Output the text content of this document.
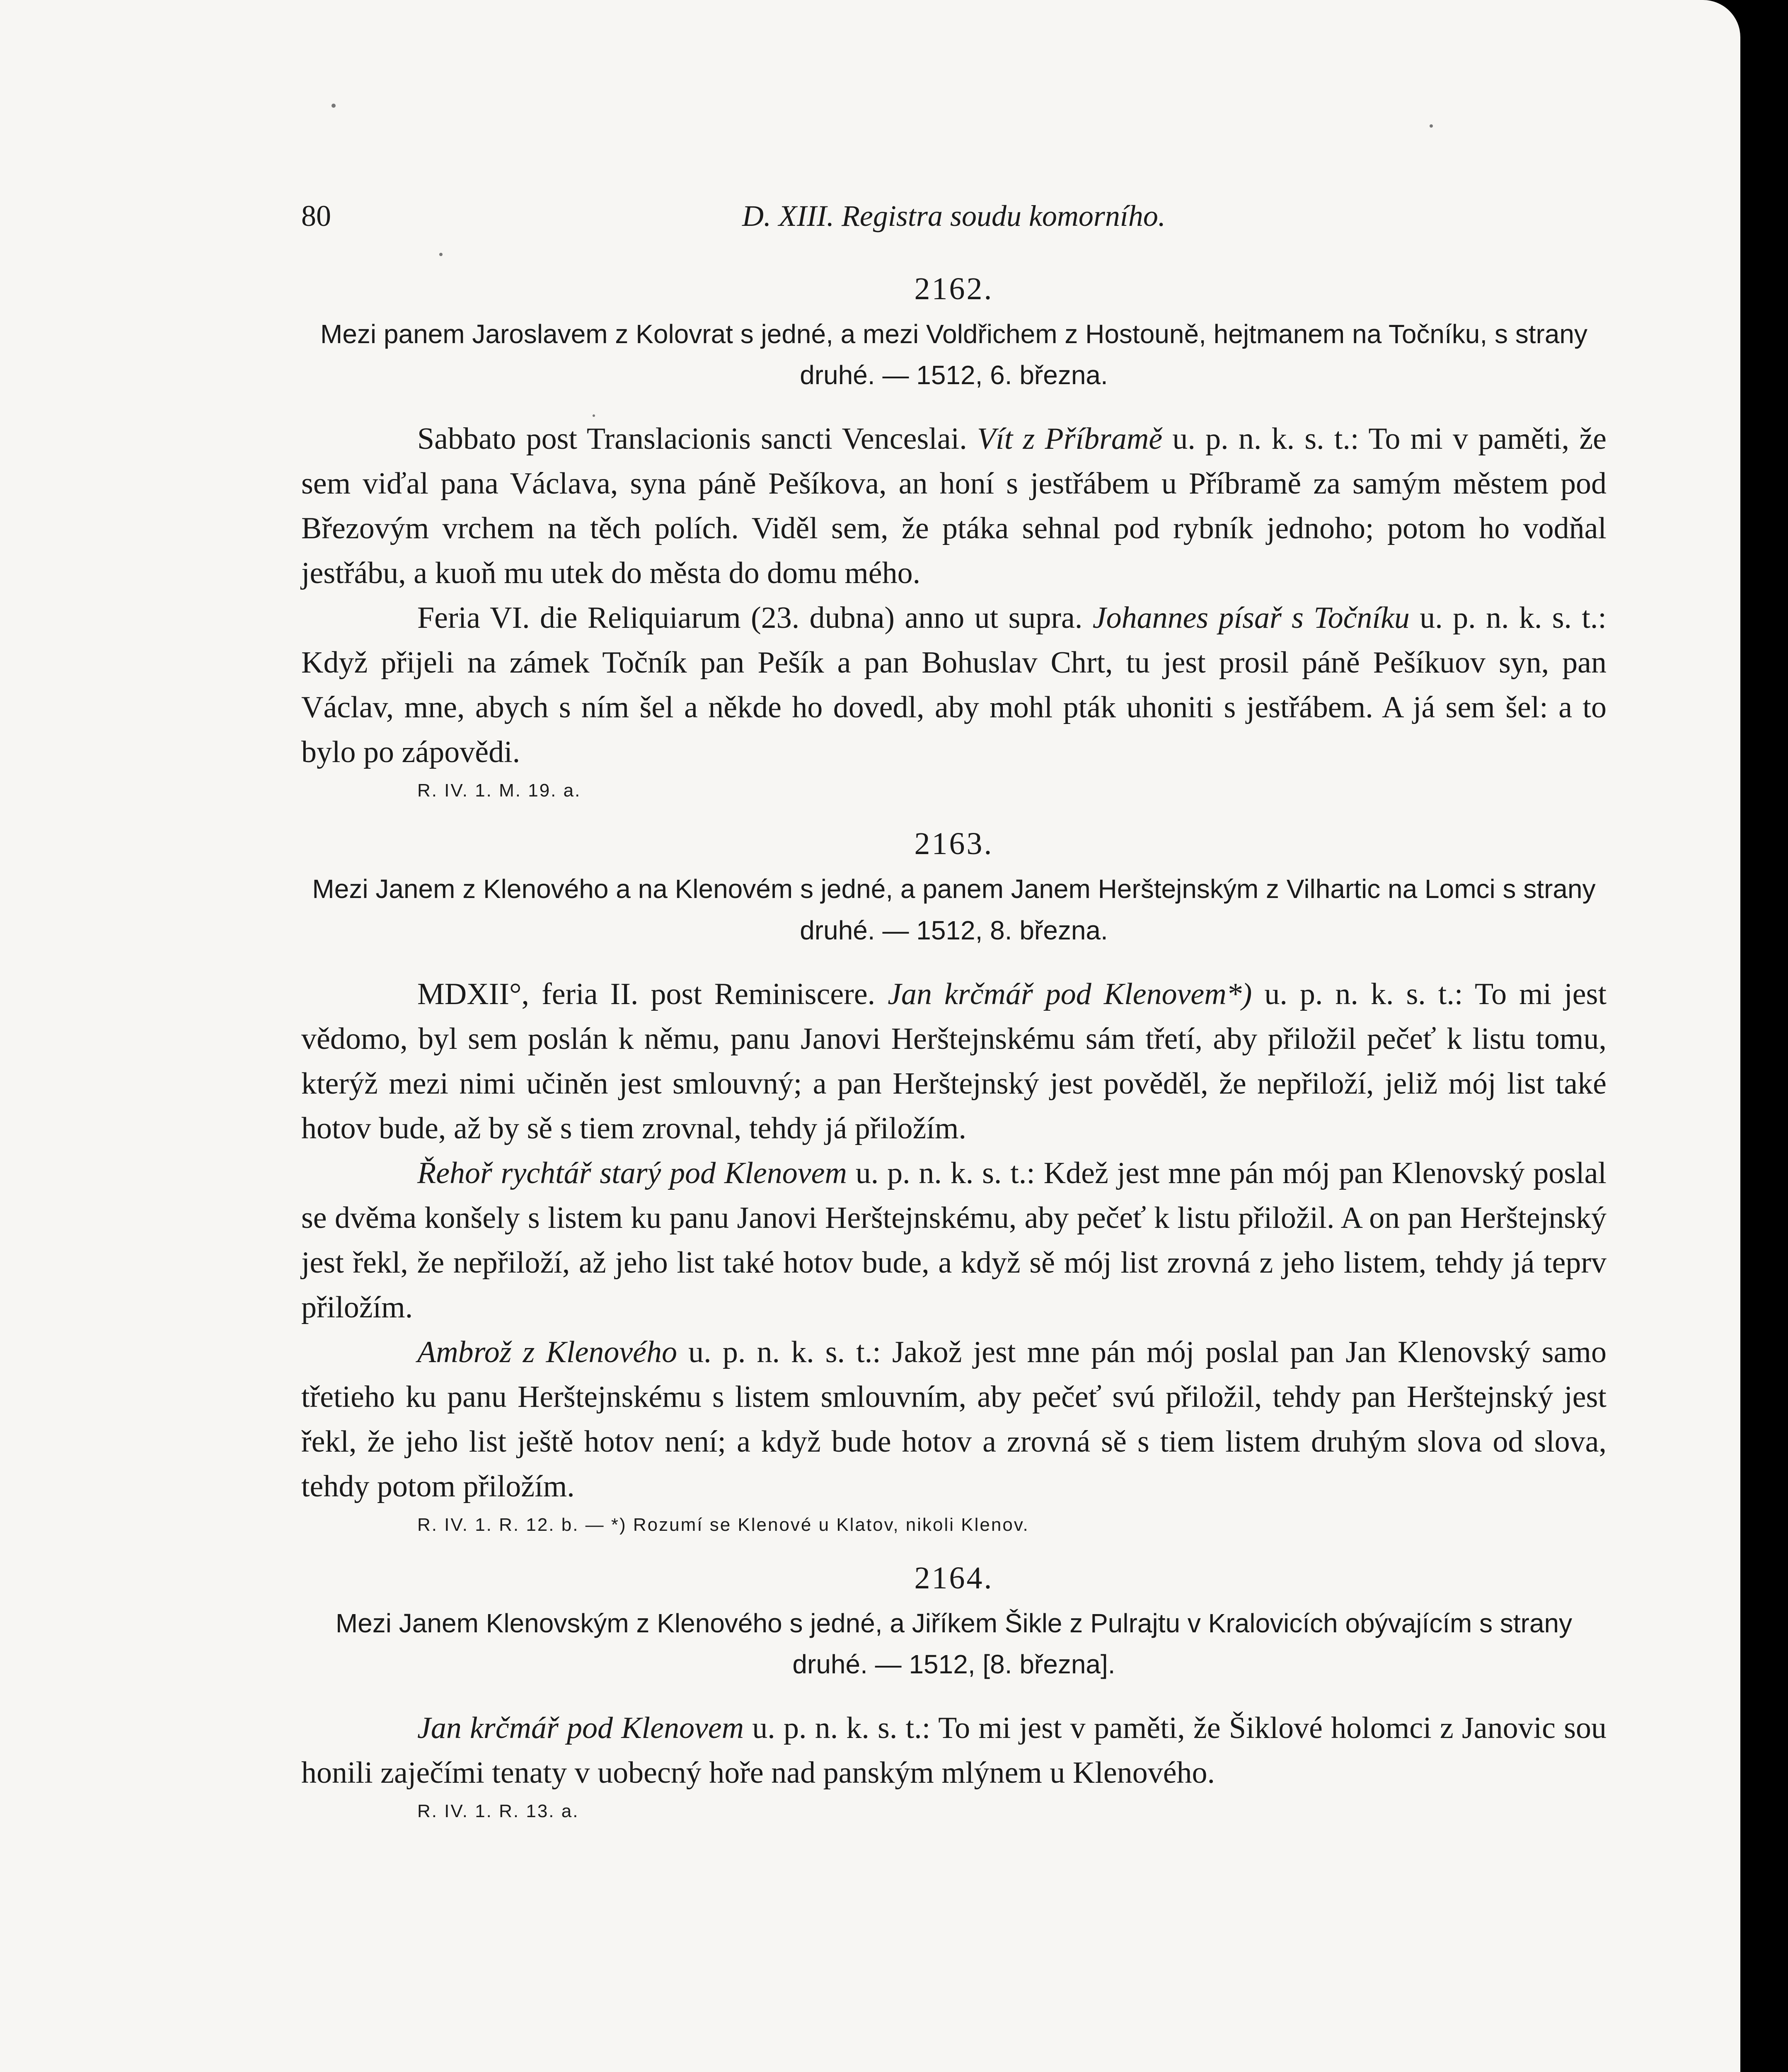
80	D. XIII. Registra soudu komorního.
2162.
Mezi panem Jaroslavem z Kolovrat s jedné, a mezi Voldřichem z Hostouně, hejtmanem na Točníku, s strany druhé. — 1512, 6. března.

Sabbato post Translacionis sancti Venceslai. Vít z Příbramě u. p. n. k. s. t.: To mi v paměti, že sem viďal pana Václava, syna páně Pešíkova, an honí s jestřábem u Příbramě za samým městem pod Březovým vrchem na těch polích. Viděl sem, že ptáka sehnal pod rybník jednoho; potom ho vodňal jestřábu, a kuoň mu utek do města do domu mého.

Feria VI. die Reliquiarum (23. dubna) anno ut supra. Johannes písař s Točníku u. p. n. k. s. t.: Když přijeli na zámek Točník pan Pešík a pan Bohuslav Chrt, tu jest prosil páně Pešíkuov syn, pan Václav, mne, abych s ním šel a někde ho dovedl, aby mohl pták uhoniti s jestřábem. A já sem šel: a to bylo po zápovědi.

R. IV. 1. M. 19. a.
2163.
Mezi Janem z Klenového a na Klenovém s jedné, a panem Janem Herštejnským z Vilhartic na Lomci s strany druhé. — 1512, 8. března.

MDXII°, feria II. post Reminiscere. Jan krčmář pod Klenovem*) u. p. n. k. s. t.: To mi jest vědomo, byl sem poslán k němu, panu Janovi Herštejnskému sám třetí, aby přiložil pečeť k listu tomu, kterýž mezi nimi učiněn jest smlouvný; a pan Herštejnský jest pověděl, že nepřiloží, jeliž mój list také hotov bude, až by sě s tiem zrovnal, tehdy já přiložím.

Řehoř rychtář starý pod Klenovem u. p. n. k. s. t.: Kdež jest mne pán mój pan Klenovský poslal se dvěma konšely s listem ku panu Janovi Herštejnskému, aby pečeť k listu přiložil. A on pan Herštejnský jest řekl, že nepřiloží, až jeho list také hotov bude, a když sě mój list zrovná z jeho listem, tehdy já teprv přiložím.

Ambrož z Klenového u. p. n. k. s. t.: Jakož jest mne pán mój poslal pan Jan Klenovský samo třetieho ku panu Herštejnskému s listem smlouvním, aby pečeť svú přiložil, tehdy pan Herštejnský jest řekl, že jeho list ještě hotov není; a když bude hotov a zrovná sě s tiem listem druhým slova od slova, tehdy potom přiložím.

R. IV. 1. R. 12. b. — *) Rozumí se Klenové u Klatov, nikoli Klenov.
2164.
Mezi Janem Klenovským z Klenového s jedné, a Jiříkem Šikle z Pulrajtu v Kralovicích obývajícím s strany druhé. — 1512, [8. března].

Jan krčmář pod Klenovem u. p. n. k. s. t.: To mi jest v paměti, že Šiklové holomci z Janovic sou honili zaječími tenaty v uobecný hoře nad panským mlýnem u Klenového.

R. IV. 1. R. 13. a.
